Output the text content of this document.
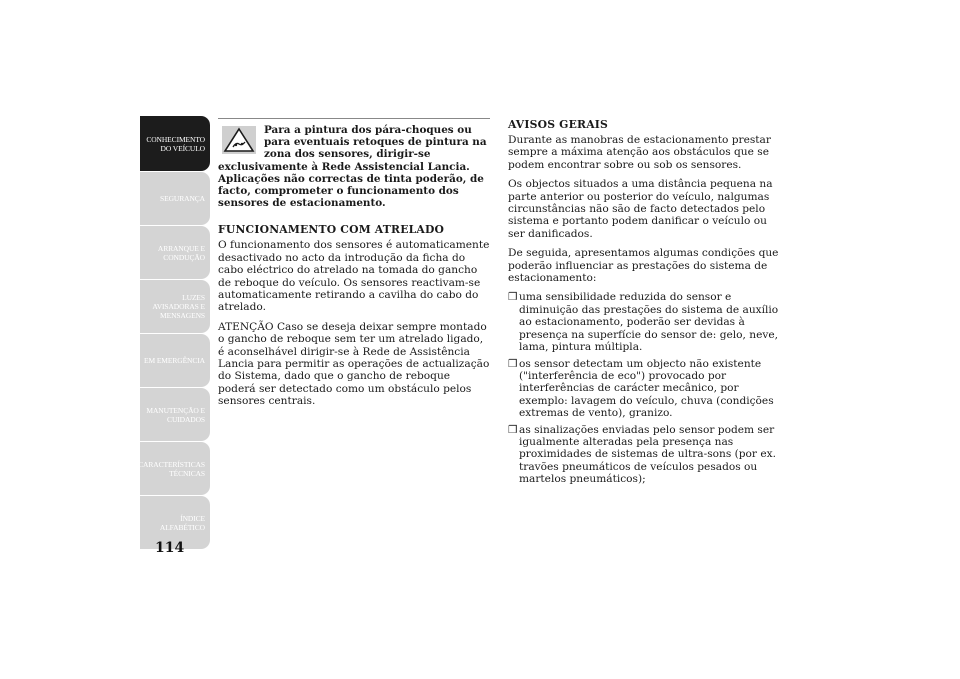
CONHECIMENTO
DO VEÍCULO
SEGURANÇA
ARRANQUE E
CONDUÇÃO
LUZES
AVISADORAS E
MENSAGENS
EM EMERGÊNCIA
MANUTENÇÃO E
CUIDADOS
CARACTERÍSTICAS
TÉCNICAS
ÍNDICE
ALFABÉTICO
114
Para a pintura dos pára-choques ou para eventuais retoques de pintura na zona dos sensores, dirigir-se exclusivamente à Rede Assistencial Lancia. Aplicações não correctas de tinta poderão, de facto, comprometer o funcionamento dos sensores de estacionamento.
FUNCIONAMENTO COM ATRELADO

O funcionamento dos sensores é automaticamente desactivado no acto da introdução da ficha do cabo eléctrico do atrelado na tomada do gancho de reboque do veículo. Os sensores reactivam-se automaticamente retirando a cavilha do cabo do atrelado.

ATENÇÃO Caso se deseja deixar sempre montado o gancho de reboque sem ter um atrelado ligado, é aconselhável dirigir-se à Rede de Assistência Lancia para permitir as operações de actualização do Sistema, dado que o gancho de reboque poderá ser detectado como um obstáculo pelos sensores centrais.

AVISOS GERAIS

Durante as manobras de estacionamento prestar sempre a máxima atenção aos obstáculos que se podem encontrar sobre ou sob os sensores.

Os objectos situados a uma distância pequena na parte anterior ou posterior do veículo, nalgumas circunstâncias não são de facto detectados pelo sistema e portanto podem danificar o veículo ou ser danificados.

De seguida, apresentamos algumas condições que poderão influenciar as prestações do sistema de estacionamento:

❒ uma sensibilidade reduzida do sensor e diminuição das prestações do sistema de auxílio ao estacionamento, poderão ser devidas à presença na superfície do sensor de: gelo, neve, lama, pintura múltipla.
❒ os sensor detectam um objecto não existente ("interferência de eco") provocado por interferências de carácter mecânico, por exemplo: lavagem do veículo, chuva (condições extremas de vento), granizo.
❒ as sinalizações enviadas pelo sensor podem ser igualmente alteradas pela presença nas proximidades de sistemas de ultra-sons (por ex. travões pneumáticos de veículos pesados ou martelos pneumáticos);
